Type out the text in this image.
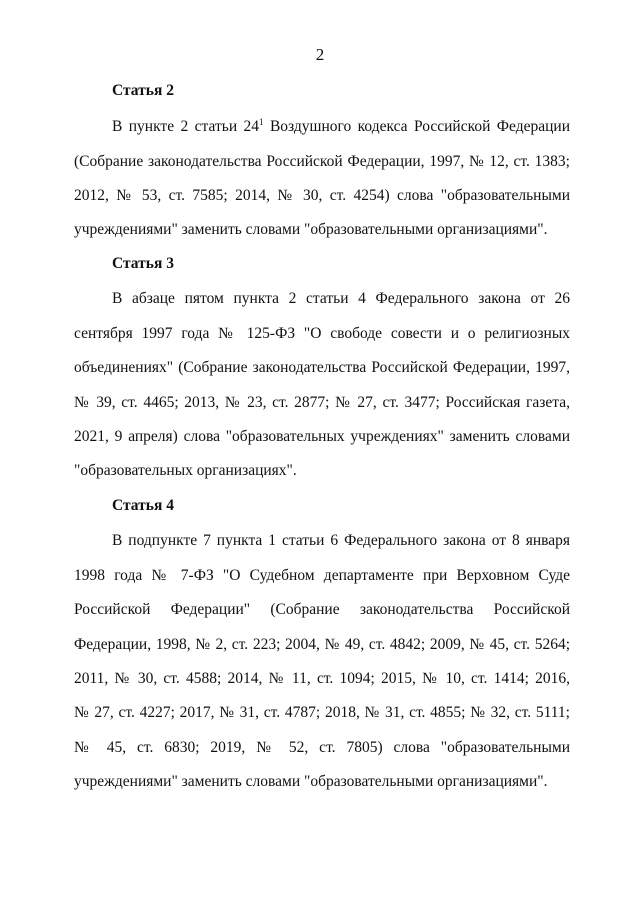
2
Статья 2
В пункте 2 статьи $24^1$ Воздушного кодекса Российской Федерации
(Собрание законодательства Российской Федерации, 1997, № 12, ст. 1383;
2012, № 53, ст. 7585; 2014, № 30, ст. 4254) слова "образовательными
учреждениями" заменить словами "образовательными организациями".
Статья 3
В абзаце пятом пункта 2 статьи 4 Федерального закона от 26
сентября 1997 года № 125-ФЗ "О свободе совести и о религиозных
объединениях" (Собрание законодательства Российской Федерации, 1997,
№ 39, ст. 4465; 2013, № 23, ст. 2877; № 27, ст. 3477; Российская газета,
2021, 9 апреля) слова "образовательных учреждениях" заменить словами
"образовательных организациях".
Статья 4
В подпункте 7 пункта 1 статьи 6 Федерального закона от 8 января
1998 года № 7-ФЗ "О Судебном департаменте при Верховном Суде
Российской Федерации" (Собрание законодательства Российской
Федерации, 1998, № 2, ст. 223; 2004, № 49, ст. 4842; 2009, № 45, ст. 5264;
2011, № 30, ст. 4588; 2014, № 11, ст. 1094; 2015, № 10, ст. 1414; 2016,
№ 27, ст. 4227; 2017, № 31, ст. 4787; 2018, № 31, ст. 4855; № 32, ст. 5111;
№ 45, ст. 6830; 2019, № 52, ст. 7805) слова "образовательными
учреждениями" заменить словами "образовательными организациями".
